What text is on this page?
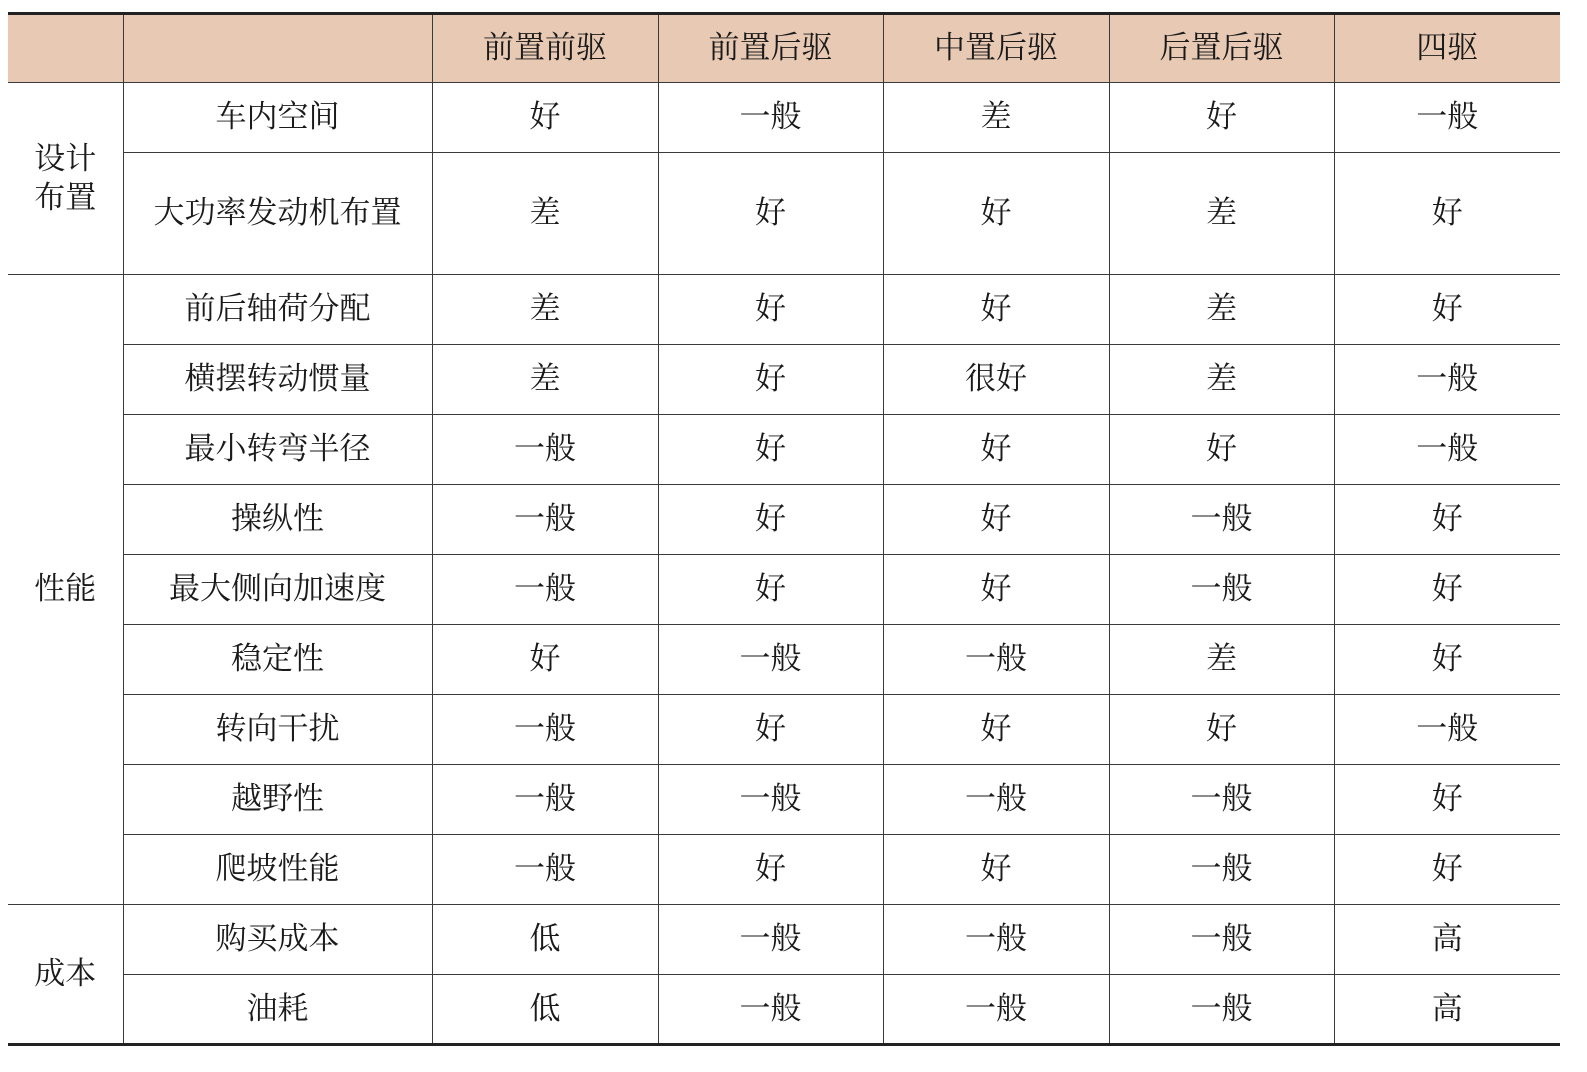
		前置前驱	前置后驱	中置后驱	后置后驱	四驱
设计布置	车内空间	好	一般	差	好	一般
	大功率发动机布置	差	好	好	差	好
性能	前后轴荷分配	差	好	好	差	好
	横摆转动惯量	差	好	很好	差	一般
	最小转弯半径	一般	好	好	好	一般
	操纵性	一般	好	好	一般	好
	最大侧向加速度	一般	好	好	一般	好
	稳定性	好	一般	一般	差	好
	转向干扰	一般	好	好	好	一般
	越野性	一般	一般	一般	一般	好
	爬坡性能	一般	好	好	一般	好
成本	购买成本	低	一般	一般	一般	高
	油耗	低	一般	一般	一般	高
